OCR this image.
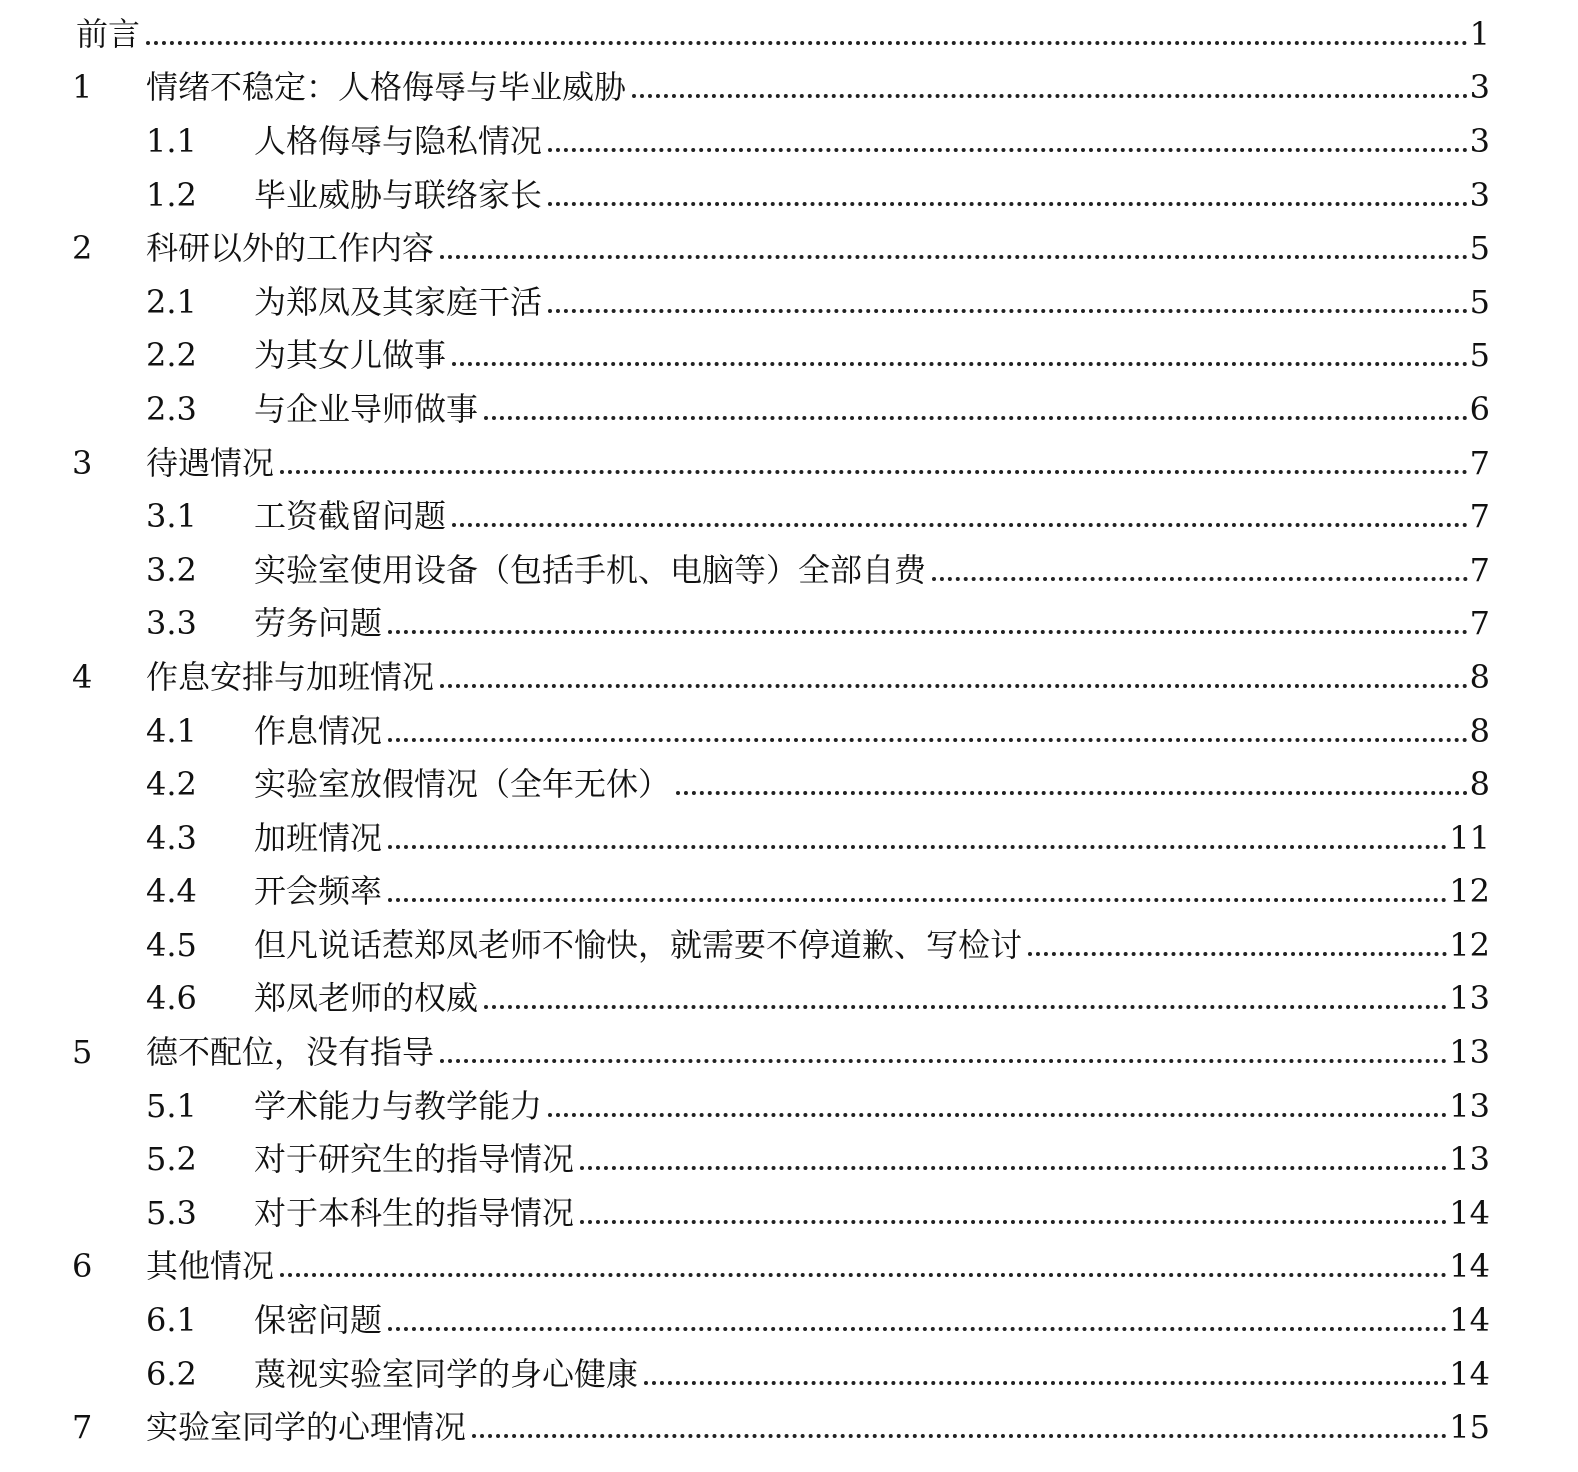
前言	1
1	情绪不稳定：人格侮辱与毕业威胁	3
1.1	人格侮辱与隐私情况	3
1.2	毕业威胁与联络家长	3
2	科研以外的工作内容	5
2.1	为郑凤及其家庭干活	5
2.2	为其女儿做事	5
2.3	与企业导师做事	6
3	待遇情况	7
3.1	工资截留问题	7
3.2	实验室使用设备（包括手机、电脑等）全部自费	7
3.3	劳务问题	7
4	作息安排与加班情况	8
4.1	作息情况	8
4.2	实验室放假情况（全年无休）	8
4.3	加班情况	11
4.4	开会频率	12
4.5	但凡说话惹郑凤老师不愉快，就需要不停道歉、写检讨	12
4.6	郑凤老师的权威	13
5	德不配位，没有指导	13
5.1	学术能力与教学能力	13
5.2	对于研究生的指导情况	13
5.3	对于本科生的指导情况	14
6	其他情况	14
6.1	保密问题	14
6.2	蔑视实验室同学的身心健康	14
7	实验室同学的心理情况	15
